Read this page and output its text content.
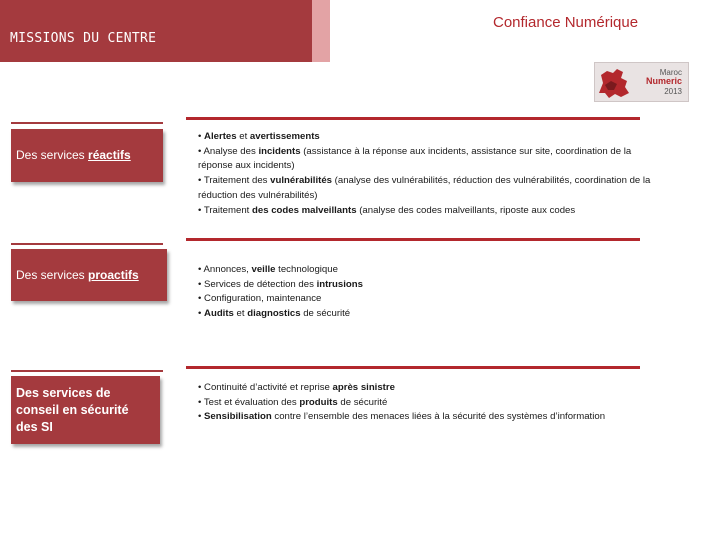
MISSIONS DU CENTRE
Confiance Numérique
Maroc
Numeric
2013
Des services réactifs
• Alertes et avertissements
• Analyse des incidents (assistance à la réponse aux incidents, assistance sur site, coordination de la réponse aux incidents)
• Traitement des vulnérabilités (analyse des vulnérabilités, réduction des vulnérabilités, coordination de la réduction des vulnérabilités)
• Traitement des codes malveillants (analyse des codes malveillants, riposte aux codes
Des services proactifs	• Annonces, veille technologique
• Services de détection des intrusions
• Configuration, maintenance
• Audits et diagnostics de sécurité
Des services de
conseil en sécurité
des SI
• Continuité d’activité et reprise après sinistre
• Test et évaluation des produits de sécurité
• Sensibilisation contre l’ensemble des menaces liées à la sécurité des systèmes d’information
